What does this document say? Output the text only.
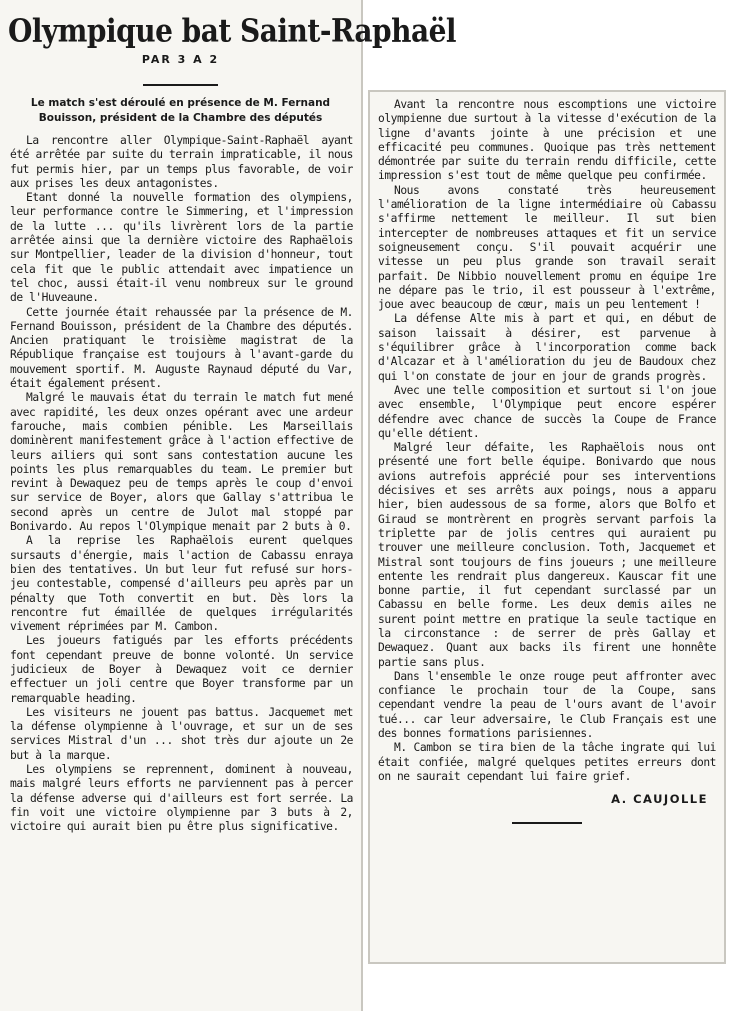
Olympique bat Saint-Raphaël
PAR 3 A 2
Le match s'est déroulé en présence de M. Fernand Bouisson, président de la Chambre des députés

La rencontre aller Olympique-Saint-Raphaël ayant été arrêtée par suite du terrain impraticable, il nous fut permis hier, par un temps plus favorable, de voir aux prises les deux antagonistes.

Etant donné la nouvelle formation des olympiens, leur performance contre le Simmering, et l'impression de la lutte ... qu'ils livrèrent lors de la partie arrêtée ainsi que la dernière victoire des Raphaëlois sur Montpellier, leader de la division d'honneur, tout cela fit que le public attendait avec impatience un tel choc, aussi était-il venu nombreux sur le ground de l'Huveaune.

Cette journée était rehaussée par la présence de M. Fernand Bouisson, président de la Chambre des députés. Ancien pratiquant le troisième magistrat de la République française est toujours à l'avant-garde du mouvement sportif. M. Auguste Raynaud député du Var, était également présent.

Malgré le mauvais état du terrain le match fut mené avec rapidité, les deux onzes opérant avec une ardeur farouche, mais combien pénible. Les Marseillais dominèrent manifestement grâce à l'action effective de leurs ailiers qui sont sans contestation aucune les points les plus remarquables du team. Le premier but revint à Dewaquez peu de temps après le coup d'envoi sur service de Boyer, alors que Gallay s'attribua le second après un centre de Julot mal stoppé par Bonivardo. Au repos l'Olympique menait par 2 buts à 0.

A la reprise les Raphaëlois eurent quelques sursauts d'énergie, mais l'action de Cabassu enraya bien des tentatives. Un but leur fut refusé sur hors-jeu contestable, compensé d'ailleurs peu après par un pénalty que Toth convertit en but. Dès lors la rencontre fut émaillée de quelques irrégularités vivement réprimées par M. Cambon.

Les joueurs fatigués par les efforts précédents font cependant preuve de bonne volonté. Un service judicieux de Boyer à Dewaquez voit ce dernier effectuer un joli centre que Boyer transforme par un remarquable heading.

Les visiteurs ne jouent pas battus. Jacquemet met la défense olympienne à l'ouvrage, et sur un de ses services Mistral d'un ... shot très dur ajoute un 2e but à la marque.

Les olympiens se reprennent, dominent à nouveau, mais malgré leurs efforts ne parviennent pas à percer la défense adverse qui d'ailleurs est fort serrée. La fin voit une victoire olympienne par 3 buts à 2, victoire qui aurait bien pu être plus significative.

Avant la rencontre nous escomptions une victoire olympienne due surtout à la vitesse d'exécution de la ligne d'avants jointe à une précision et une efficacité peu communes. Quoique pas très nettement démontrée par suite du terrain rendu difficile, cette impression s'est tout de même quelque peu confirmée.

Nous avons constaté très heureusement l'amélioration de la ligne intermédiaire où Cabassu s'affirme nettement le meilleur. Il sut bien intercepter de nombreuses attaques et fit un service soigneusement conçu. S'il pouvait acquérir une vitesse un peu plus grande son travail serait parfait. De Nibbio nouvellement promu en équipe 1re ne dépare pas le trio, il est pousseur à l'extrême, joue avec beaucoup de cœur, mais un peu lentement !

La défense Alte mis à part et qui, en début de saison laissait à désirer, est parvenue à s'équilibrer grâce à l'incorporation comme back d'Alcazar et à l'amélioration du jeu de Baudoux chez qui l'on constate de jour en jour de grands progrès.

Avec une telle composition et surtout si l'on joue avec ensemble, l'Olympique peut encore espérer défendre avec chance de succès la Coupe de France qu'elle détient.

Malgré leur défaite, les Raphaëlois nous ont présenté une fort belle équipe. Bonivardo que nous avions autrefois apprécié pour ses interventions décisives et ses arrêts aux poings, nous a apparu hier, bien audessous de sa forme, alors que Bolfo et Giraud se montrèrent en progrès servant parfois la triplette par de jolis centres qui auraient pu trouver une meilleure conclusion. Toth, Jacquemet et Mistral sont toujours de fins joueurs ; une meilleure entente les rendrait plus dangereux. Kauscar fit une bonne partie, il fut cependant surclassé par un Cabassu en belle forme. Les deux demis ailes ne surent point mettre en pratique la seule tactique en la circonstance : de serrer de près Gallay et Dewaquez. Quant aux backs ils firent une honnête partie sans plus.

Dans l'ensemble le onze rouge peut affronter avec confiance le prochain tour de la Coupe, sans cependant vendre la peau de l'ours avant de l'avoir tué... car leur adversaire, le Club Français est une des bonnes formations parisiennes.

M. Cambon se tira bien de la tâche ingrate qui lui était confiée, malgré quelques petites erreurs dont on ne saurait cependant lui faire grief.

A. CAUJOLLE
